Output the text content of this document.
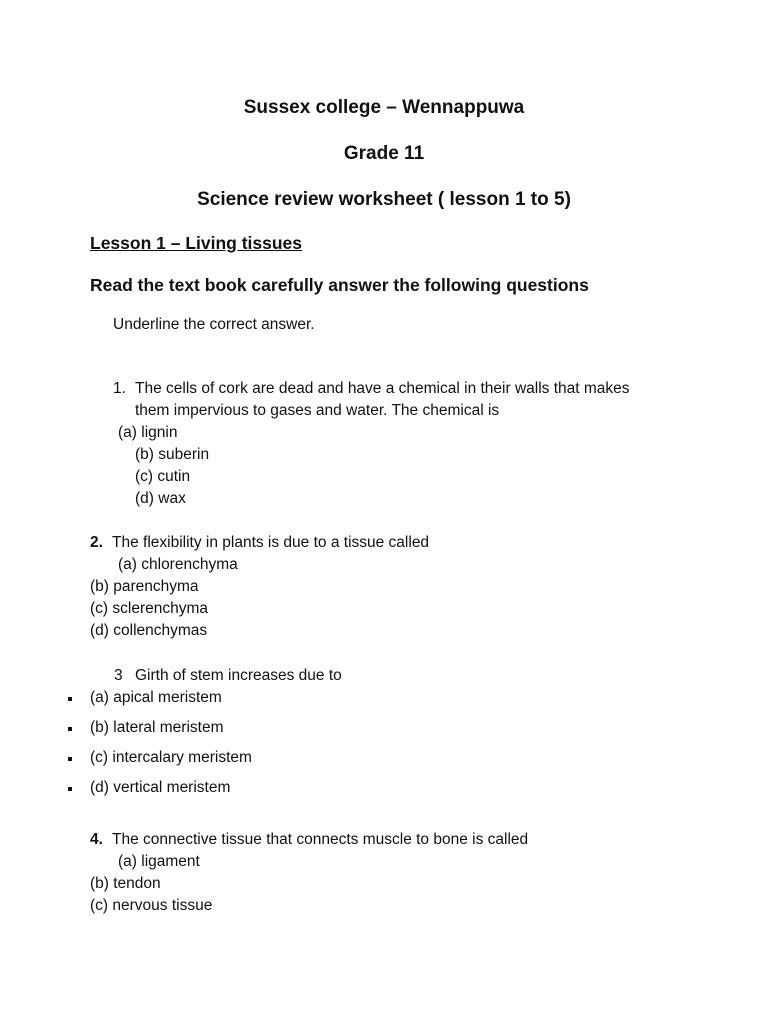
Sussex college – Wennappuwa
Grade 11
Science review worksheet ( lesson 1 to 5)
Lesson 1 – Living tissues
Read the text book carefully answer the following questions
Underline the correct answer.
1. The cells of cork are dead and have a chemical in their walls that makes
them impervious to gases and water. The chemical is
(a) lignin
(b) suberin
(c) cutin
(d) wax
2. The flexibility in plants is due to a tissue called
(a) chlorenchyma
(b) parenchyma
(c) sclerenchyma
(d) collenchymas
3 Girth of stem increases due to
(a) apical meristem
(b) lateral meristem
(c) intercalary meristem
(d) vertical meristem
4. The connective tissue that connects muscle to bone is called
(a) ligament
(b) tendon
(c) nervous tissue
